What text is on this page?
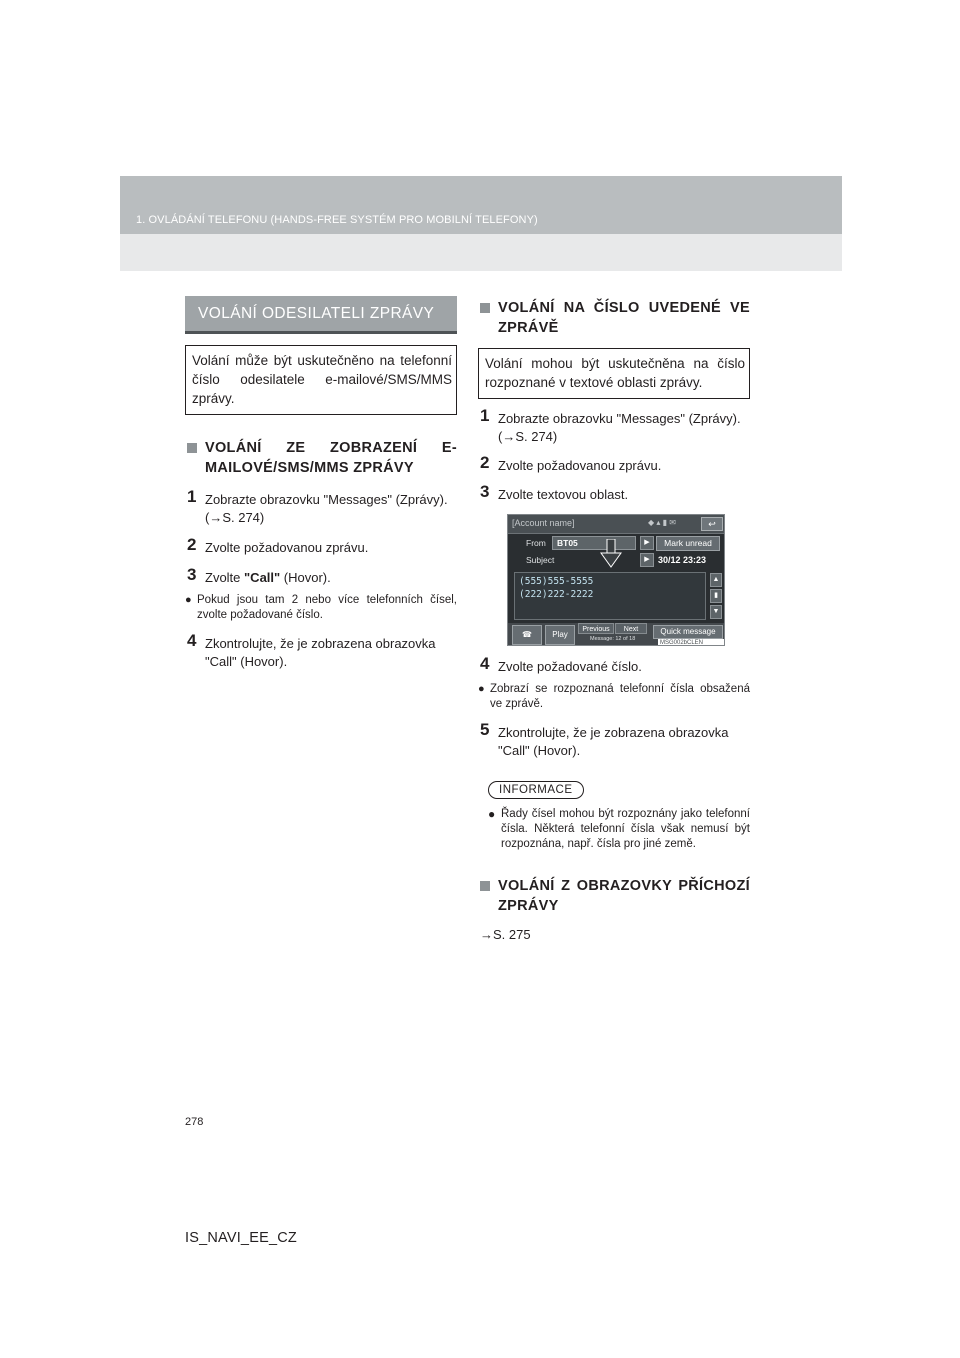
1. OVLÁDÁNÍ TELEFONU (HANDS-FREE SYSTÉM PRO MOBILNÍ TELEFONY)
VOLÁNÍ ODESILATELI ZPRÁVY
Volání může být uskutečněno na telefonní číslo odesilatele e-mailové/SMS/MMS zprávy.
VOLÁNÍ ZE ZOBRAZENÍ E-MAILOVÉ/SMS/MMS ZPRÁVY
1 Zobrazte obrazovku "Messages" (Zprávy). (→S. 274)
2 Zvolte požadovanou zprávu.
3 Zvolte "Call" (Hovor).
● Pokud jsou tam 2 nebo více telefonních čísel, zvolte požadované číslo.
4 Zkontrolujte, že je zobrazena obrazovka "Call" (Hovor).
VOLÁNÍ NA ČÍSLO UVEDENÉ VE ZPRÁVĚ
Volání mohou být uskutečněna na číslo rozpoznané v textové oblasti zprávy.
1 Zobrazte obrazovku "Messages" (Zprávy). (→S. 274)
2 Zvolte požadovanou zprávu.
3 Zvolte textovou oblast.
[Account name]	◆ ▴ ▮ ✉	↩
From	BT05	▶
Subject	▶
Mark unread
30/12 23:23
(555)555-5555
(222)222-2222
▲
▮
▼
☎	Play
Previous	Next
Message: 12 of 18
Quick message
MSG002bCLEN
4 Zvolte požadované číslo.
● Zobrazí se rozpoznaná telefonní čísla obsažená ve zprávě.
5 Zkontrolujte, že je zobrazena obrazovka "Call" (Hovor).
INFORMACE
● Řady čísel mohou být rozpoznány jako telefonní čísla. Některá telefonní čísla však nemusí být rozpoznána, např. čísla pro jiné země.
VOLÁNÍ Z OBRAZOVKY PŘÍCHOZÍ ZPRÁVY
→S. 275
278
IS_NAVI_EE_CZ
